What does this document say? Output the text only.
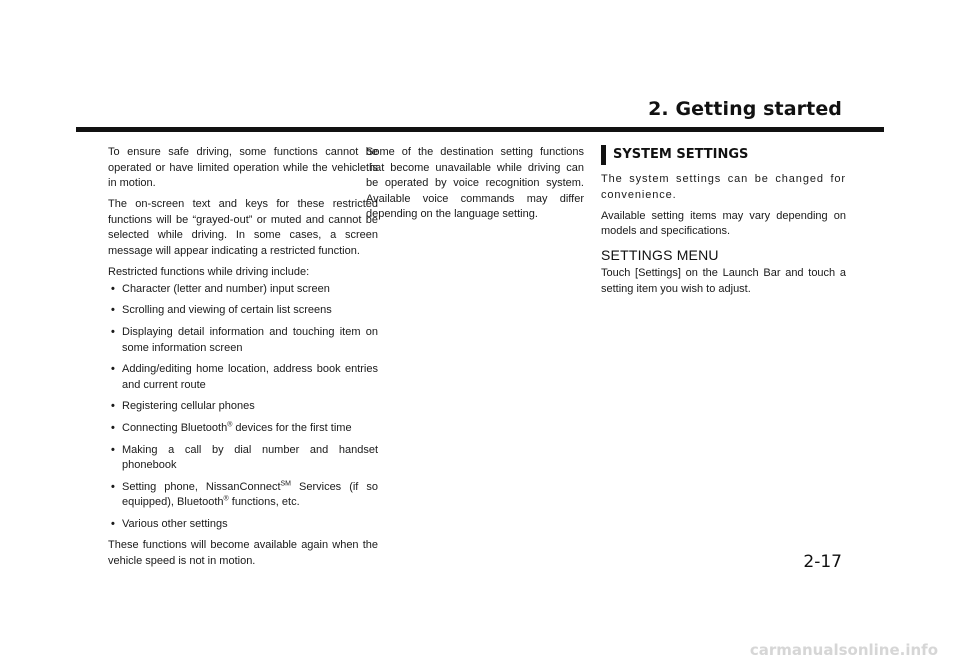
2. Getting started

To ensure safe driving, some functions cannot be operated or have limited operation while the vehicle is in motion.

The on-screen text and keys for these restricted functions will be “grayed-out” or muted and cannot be selected while driving. In some cases, a screen message will appear indicating a restricted function.

Restricted functions while driving include:

• Character (letter and number) input screen
• Scrolling and viewing of certain list screens
• Displaying detail information and touching item on some information screen
• Adding/editing home location, address book entries and current route
• Registering cellular phones
• Connecting Bluetooth® devices for the first time
• Making a call by dial number and handset phonebook
• Setting phone, NissanConnect℠ Services (if so equipped), Bluetooth® functions, etc.
• Various other settings

These functions will become available again when the vehicle speed is not in motion.

Some of the destination setting functions that become unavailable while driving can be operated by voice recognition system. Available voice commands may differ depending on the language setting.

SYSTEM SETTINGS

The system settings can be changed for convenience.

Available setting items may vary depending on models and specifications.

SETTINGS MENU

Touch [Settings] on the Launch Bar and touch a setting item you wish to adjust.

2-17
carmanualsonline.info
